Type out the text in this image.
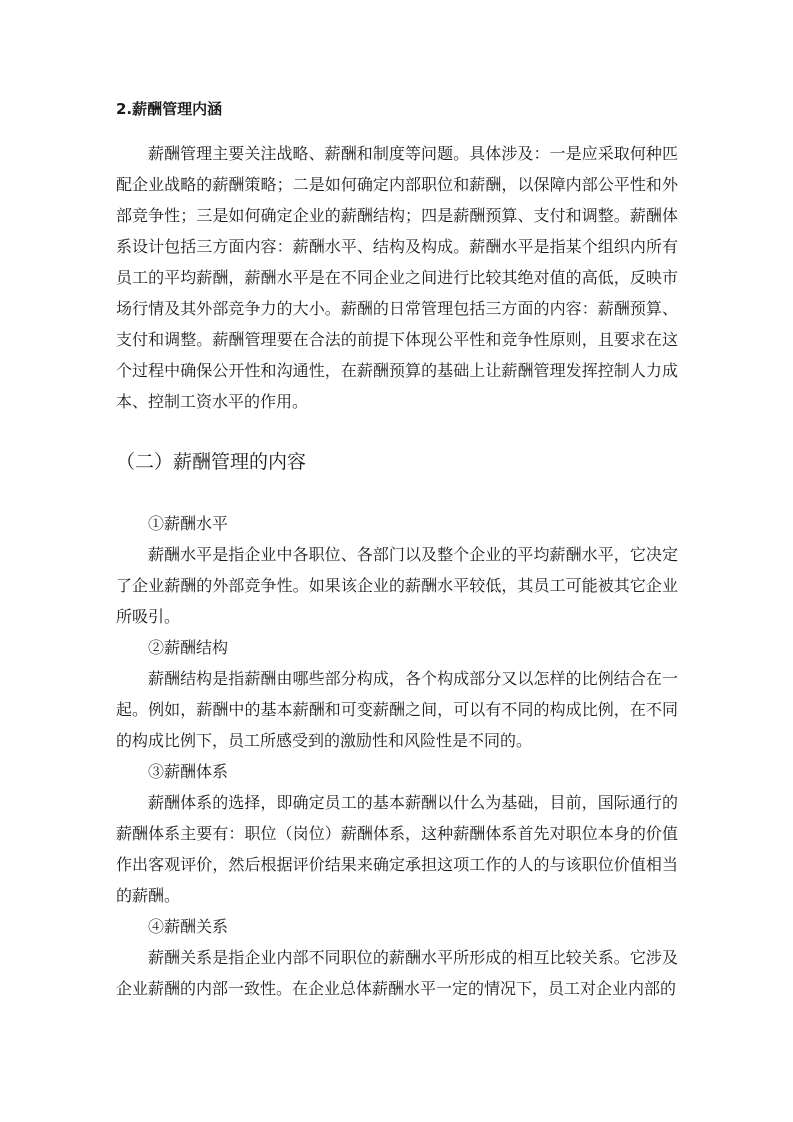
2.薪酬管理内涵

薪酬管理主要关注战略、薪酬和制度等问题。具体涉及：一是应采取何种匹配企业战略的薪酬策略；二是如何确定内部职位和薪酬，以保障内部公平性和外部竞争性；三是如何确定企业的薪酬结构；四是薪酬预算、支付和调整。薪酬体系设计包括三方面内容：薪酬水平、结构及构成。薪酬水平是指某个组织内所有员工的平均薪酬，薪酬水平是在不同企业之间进行比较其绝对值的高低，反映市场行情及其外部竞争力的大小。薪酬的日常管理包括三方面的内容：薪酬预算、支付和调整。薪酬管理要在合法的前提下体现公平性和竞争性原则，且要求在这个过程中确保公开性和沟通性，在薪酬预算的基础上让薪酬管理发挥控制人力成本、控制工资水平的作用。

（二）薪酬管理的内容
①薪酬水平

薪酬水平是指企业中各职位、各部门以及整个企业的平均薪酬水平，它决定了企业薪酬的外部竞争性。如果该企业的薪酬水平较低，其员工可能被其它企业所吸引。

②薪酬结构

薪酬结构是指薪酬由哪些部分构成，各个构成部分又以怎样的比例结合在一起。例如，薪酬中的基本薪酬和可变薪酬之间，可以有不同的构成比例，在不同的构成比例下，员工所感受到的激励性和风险性是不同的。

③薪酬体系

薪酬体系的选择，即确定员工的基本薪酬以什么为基础，目前，国际通行的薪酬体系主要有：职位（岗位）薪酬体系，这种薪酬体系首先对职位本身的价值作出客观评价，然后根据评价结果来确定承担这项工作的人的与该职位价值相当的薪酬。

④薪酬关系

薪酬关系是指企业内部不同职位的薪酬水平所形成的相互比较关系。它涉及企业薪酬的内部一致性。在企业总体薪酬水平一定的情况下，员工对企业内部的
